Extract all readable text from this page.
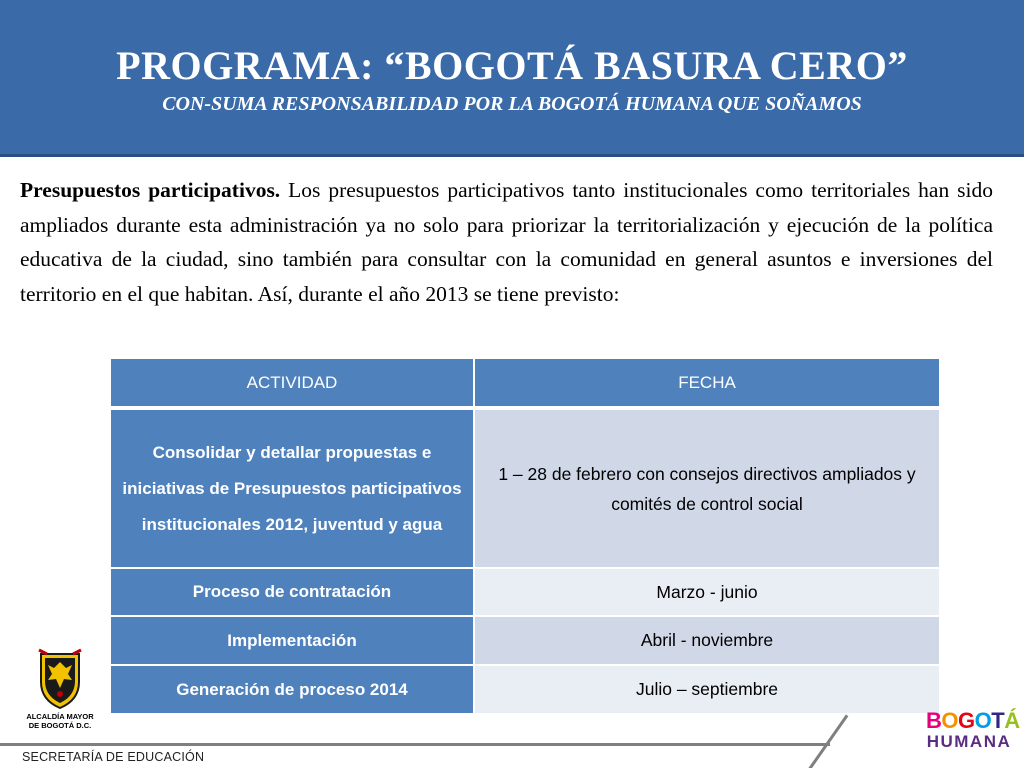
PROGRAMA: “BOGOTÁ BASURA CERO”
CON-SUMA RESPONSABILIDAD POR LA BOGOTÁ HUMANA QUE SOÑAMOS

Presupuestos participativos. Los presupuestos participativos tanto institucionales como territoriales han sido ampliados durante esta administración ya no solo para priorizar la territorialización y ejecución de la política educativa de la ciudad, sino también para consultar con la comunidad en general asuntos e inversiones del territorio en el que habitan. Así, durante el año 2013 se tiene previsto:

ACTIVIDAD	FECHA
Consolidar y detallar propuestas e iniciativas de Presupuestos participativos institucionales 2012, juventud y agua	1 – 28 de febrero con consejos directivos ampliados y comités de control social
Proceso de contratación	Marzo - junio
Implementación	Abril - noviembre
Generación de proceso 2014	Julio – septiembre
ALCALDÍA MAYOR
DE BOGOTÁ D.C.
SECRETARÍA DE EDUCACIÓN
BOGOTÁ
HUMANA
